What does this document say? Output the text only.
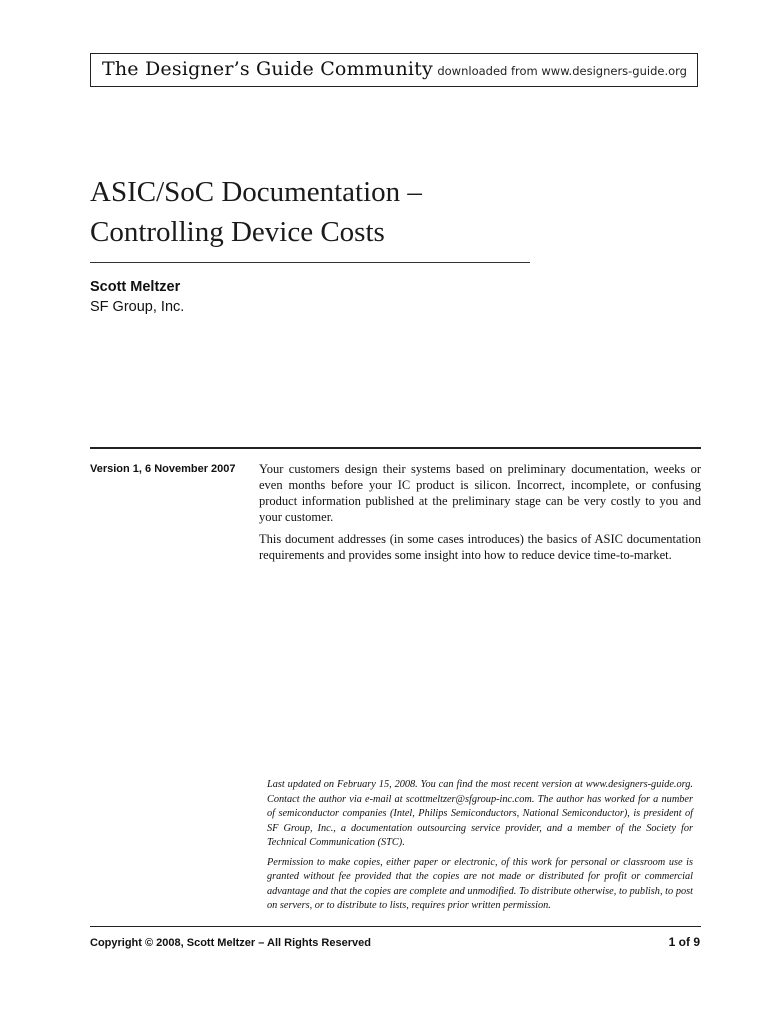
The Designer’s Guide Community downloaded from www.designers-guide.org
ASIC/SoC Documentation –
Controlling Device Costs
Scott Meltzer
SF Group, Inc.
Version 1, 6 November 2007 Your customers design their systems based on preliminary documentation, weeks or even months before your IC product is silicon. Incorrect, incomplete, or confusing product information published at the preliminary stage can be very costly to you and your customer.

This document addresses (in some cases introduces) the basics of ASIC documentation requirements and provides some insight into how to reduce device time-to-market.

Last updated on February 15, 2008. You can find the most recent version at www.designers-guide.org. Contact the author via e-mail at scottmeltzer@sfgroup-inc.com. The author has worked for a number of semiconductor companies (Intel, Philips Semiconductors, National Semiconductor), is president of SF Group, Inc., a documentation outsourcing service provider, and a member of the Society for Technical Communication (STC).

Permission to make copies, either paper or electronic, of this work for personal or classroom use is granted without fee provided that the copies are not made or distributed for profit or commercial advantage and that the copies are complete and unmodified. To distribute otherwise, to publish, to post on servers, or to distribute to lists, requires prior written permission.

Copyright © 2008, Scott Meltzer – All Rights Reserved	1 of 9
